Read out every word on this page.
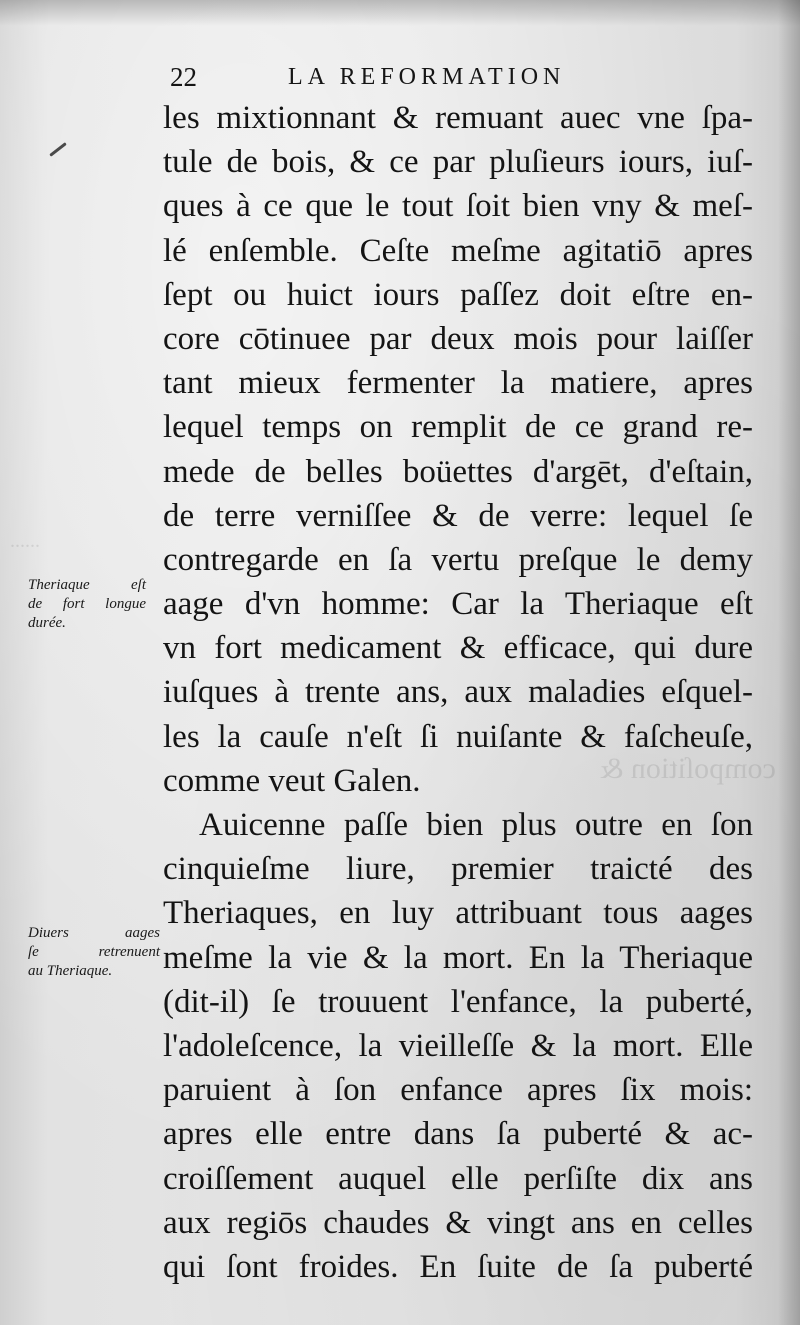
compoſition &
......
22	LA REFORMATION
les mixtionnant & remuant auec vne ſpa-
tule de bois, & ce par pluſieurs iours, iuſ-
ques à ce que le tout ſoit bien vny & meſ-
lé enſemble. Ceſte meſme agitatiō apres
ſept ou huict iours paſſez doit eſtre en-
core cōtinuee par deux mois pour laiſſer
tant mieux fermenter la matiere, apres
lequel temps on remplit de ce grand re-
mede de belles boüettes d'argēt, d'eſtain,
de terre verniſſee & de verre: lequel ſe
contregarde en ſa vertu preſque le demy
aage d'vn homme: Car la Theriaque eſt
vn fort medicament & efficace, qui dure
iuſques à trente ans, aux maladies eſquel-
les la cauſe n'eſt ſi nuiſante & faſcheuſe,
comme veut Galen.
Auicenne paſſe bien plus outre en ſon
cinquieſme liure, premier traicté des
Theriaques, en luy attribuant tous aages
meſme la vie & la mort. En la Theriaque
(dit-il) ſe trouuent l'enfance, la puberté,
l'adoleſcence, la vieilleſſe & la mort. Elle
paruient à ſon enfance apres ſix mois:
apres elle entre dans ſa puberté & ac-
croiſſement auquel elle perſiſte dix ans
aux regiōs chaudes & vingt ans en celles
qui ſont froides. En ſuite de ſa puberté
Theriaque eſt
de fort longue
durée.
Diuers aages
ſe retrenuent
au Theriaque.
